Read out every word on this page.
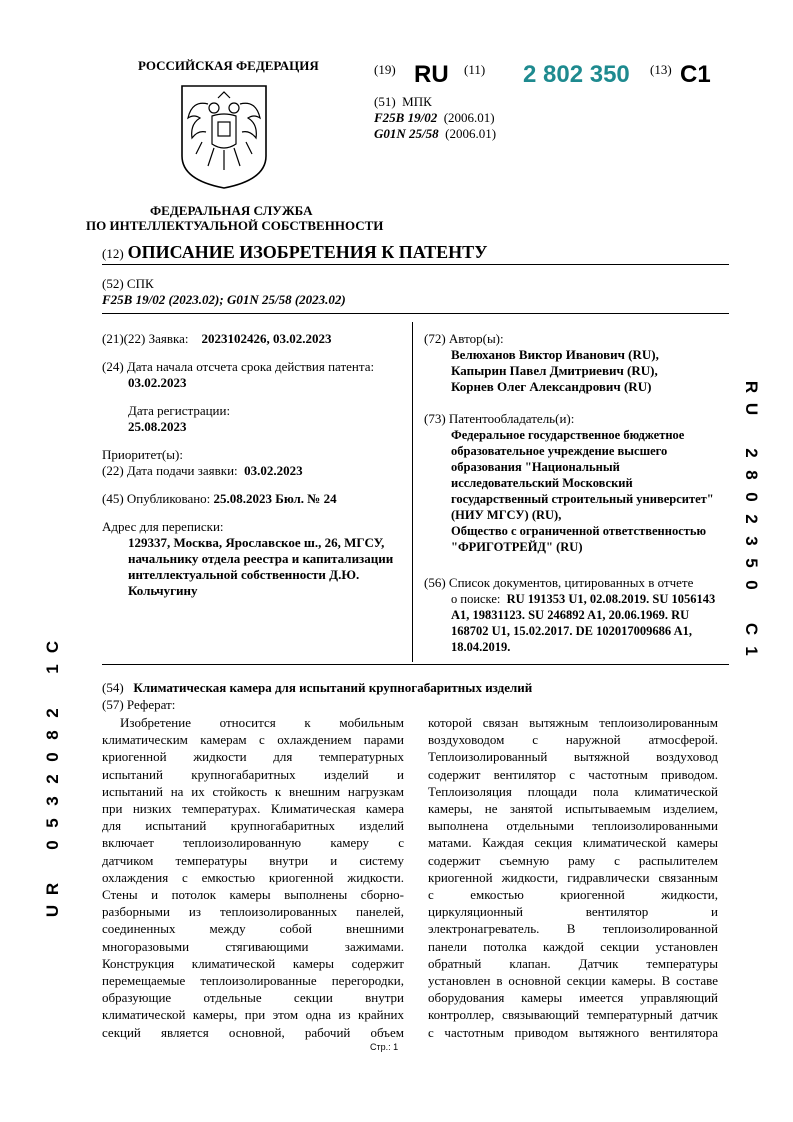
РОССИЙСКАЯ ФЕДЕРАЦИЯ
ФЕДЕРАЛЬНАЯ СЛУЖБА
ПО ИНТЕЛЛЕКТУАЛЬНОЙ СОБСТВЕННОСТИ
(19) RU (11) 2 802 350 (13) C1
(51) МПК
F25B 19/02 (2006.01)
G01N 25/58 (2006.01)
(12) ОПИСАНИЕ ИЗОБРЕТЕНИЯ К ПАТЕНТУ
(52) СПК
F25B 19/02 (2023.02); G01N 25/58 (2023.02)
(21)(22) Заявка: 2023102426, 03.02.2023
(24) Дата начала отсчета срока действия патента:
03.02.2023
Дата регистрации:
25.08.2023
Приоритет(ы):
(22) Дата подачи заявки: 03.02.2023
(45) Опубликовано: 25.08.2023 Бюл. № 24
Адрес для переписки:
129337, Москва, Ярославское ш., 26, МГСУ,
начальнику отдела реестра и капитализации
интеллектуальной собственности Д.Ю.
Кольчугину
(72) Автор(ы):
Велюханов Виктор Иванович (RU),
Капырин Павел Дмитриевич (RU),
Корнев Олег Александрович (RU)
(73) Патентообладатель(и):
Федеральное государственное бюджетное
образовательное учреждение высшего
образования "Национальный
исследовательский Московский
государственный строительный университет"
(НИУ МГСУ) (RU),
Общество с ограниченной ответственностью
"ФРИГОТРЕЙД" (RU)
(56) Список документов, цитированных в отчете
о поиске: RU 191353 U1, 02.08.2019. SU 1056143
A1, 19831123. SU 246892 A1, 20.06.1969. RU
168702 U1, 15.02.2017. DE 102017009686 A1,
18.04.2019.
(54) Климатическая камера для испытаний крупногабаритных изделий
(57) Реферат:
Изобретение относится к мобильным
климатическим камерам с охлаждением парами
криогенной жидкости для температурных
испытаний крупногабаритных изделий и
испытаний на их стойкость к внешним нагрузкам
при низких температурах. Климатическая камера
для испытаний крупногабаритных изделий
включает теплоизолированную камеру с
датчиком температуры внутри и систему
охлаждения с емкостью криогенной жидкости.
Стены и потолок камеры выполнены сборно-
разборными из теплоизолированных панелей,
соединенных между собой внешними
многоразовыми стягивающими зажимами.
Конструкция климатической камеры содержит
перемещаемые теплоизолированные перегородки,
образующие отдельные секции внутри
климатической камеры, при этом одна из крайних
секций является основной, рабочий объем
которой связан вытяжным теплоизолированным
воздуховодом с наружной атмосферой.
Теплоизолированный вытяжной воздуховод
содержит вентилятор с частотным приводом.
Теплоизоляция площади пола климатической
камеры, не занятой испытываемым изделием,
выполнена отдельными теплоизолированными
матами. Каждая секция климатической камеры
содержит съемную раму с распылителем
криогенной жидкости, гидравлически связанным
с емкостью криогенной жидкости,
циркуляционный вентилятор и
электронагреватель. В теплоизолированной
панели потолка каждой секции установлен
обратный клапан. Датчик температуры
установлен в основной секции камеры. В составе
оборудования камеры имеется управляющий
контроллер, связывающий температурный датчик
с частотным приводом вытяжного вентилятора
R
U
2
8
0
2
3
5
0
C
1
C
1
2
8
0
2
3
5
0
R
U
Стр.: 1
